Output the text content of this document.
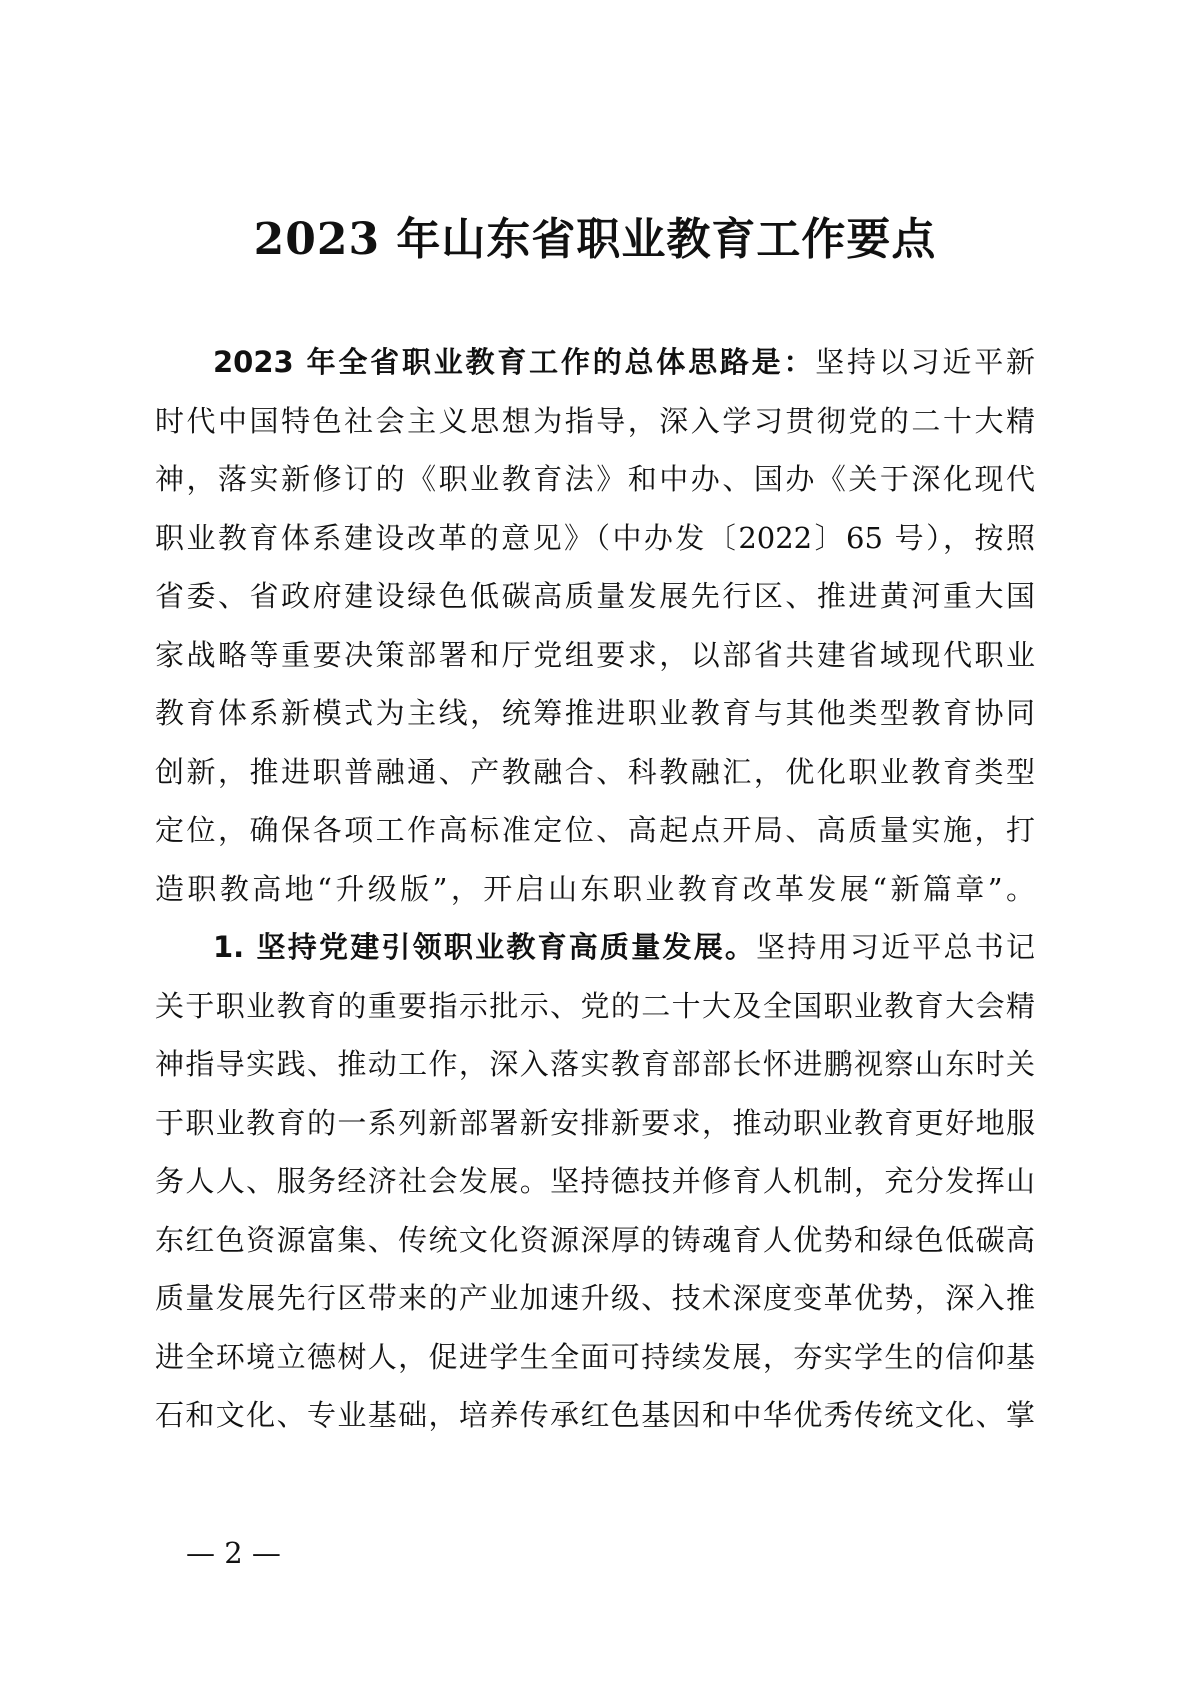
2023 年山东省职业教育工作要点
2023 年全省职业教育工作的总体思路是：坚持以习近平新
时代中国特色社会主义思想为指导，深入学习贯彻党的二十大精
神，落实新修订的《职业教育法》和中办、国办《关于深化现代
职业教育体系建设改革的意见》（中办发〔2022〕65 号），按照
省委、省政府建设绿色低碳高质量发展先行区、推进黄河重大国
家战略等重要决策部署和厅党组要求，以部省共建省域现代职业
教育体系新模式为主线，统筹推进职业教育与其他类型教育协同
创新，推进职普融通、产教融合、科教融汇，优化职业教育类型
定位，确保各项工作高标准定位、高起点开局、高质量实施，打
造职教高地“升级版”，开启山东职业教育改革发展“新篇章”。
1. 坚持党建引领职业教育高质量发展。坚持用习近平总书记
关于职业教育的重要指示批示、党的二十大及全国职业教育大会精
神指导实践、推动工作，深入落实教育部部长怀进鹏视察山东时关
于职业教育的一系列新部署新安排新要求，推动职业教育更好地服
务人人、服务经济社会发展。坚持德技并修育人机制，充分发挥山
东红色资源富集、传统文化资源深厚的铸魂育人优势和绿色低碳高
质量发展先行区带来的产业加速升级、技术深度变革优势，深入推
进全环境立德树人，促进学生全面可持续发展，夯实学生的信仰基
石和文化、专业基础，培养传承红色基因和中华优秀传统文化、掌
— 2 —
